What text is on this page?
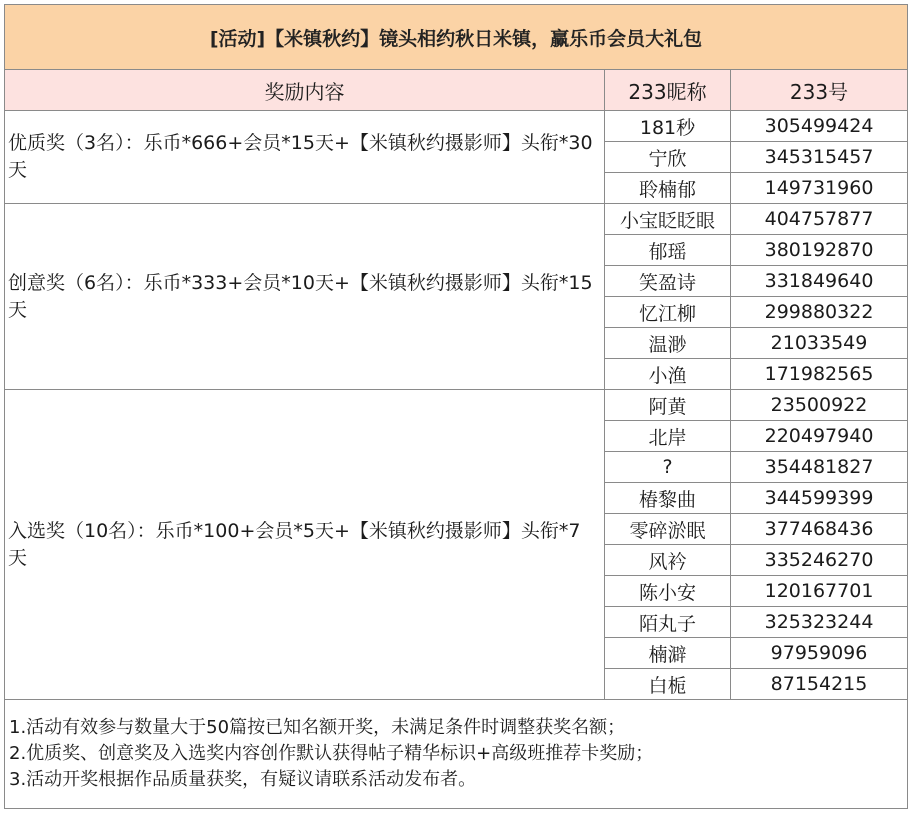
[活动]【米镇秋约】镜头相约秋日米镇，赢乐币会员大礼包		
奖励内容	233昵称	233号
优质奖（3名）：乐币*666+会员*15天+【米镇秋约摄影师】头衔*30天	181秒	305499424
	宁欣	345315457
	聆楠郁	149731960
创意奖（6名）：乐币*333+会员*10天+【米镇秋约摄影师】头衔*15天	小宝眨眨眼	404757877
	郁瑶	380192870
	笑盈诗	331849640
	忆江柳	299880322
	温渺	21033549
	小渔	171982565
入选奖（10名）：乐币*100+会员*5天+【米镇秋约摄影师】头衔*7天	阿黄	23500922
	北岸	220497940
	?	354481827
	椿黎曲	344599399
	零碎淤眠	377468436
	风衿	335246270
	陈小安	120167701
	陌丸子	325323244
	楠澼	97959096
	白栀	87154215

1.活动有效参与数量大于50篇按已知名额开奖，未满足条件时调整获奖名额；
2.优质奖、创意奖及入选奖内容创作默认获得帖子精华标识+高级班推荐卡奖励；
3.活动开奖根据作品质量获奖，有疑议请联系活动发布者。		
